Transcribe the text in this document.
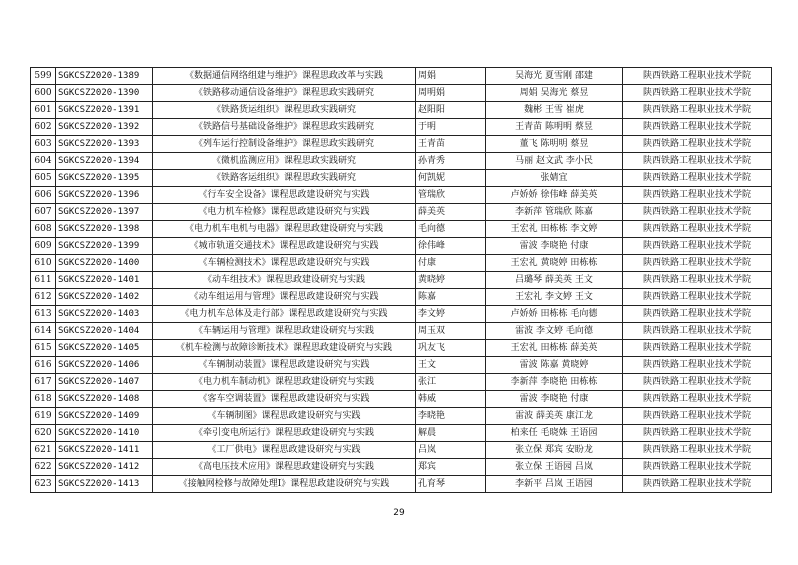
599	SGKCSZ2020-1389	《数据通信网络组建与维护》课程思政改革与实践	周娟	吴海光 夏雪刚 邵建	陕西铁路工程职业技术学院
600	SGKCSZ2020-1390	《铁路移动通信设备维护》课程思政实践研究	周明娟	周娟 吴海光 蔡昱	陕西铁路工程职业技术学院
601	SGKCSZ2020-1391	《铁路货运组织》课程思政实践研究	赵阳阳	魏彬 王雪 崔虎	陕西铁路工程职业技术学院
602	SGKCSZ2020-1392	《铁路信号基础设备维护》课程思政实践研究	于明	王青苗 陈明明 蔡昱	陕西铁路工程职业技术学院
603	SGKCSZ2020-1393	《列车运行控制设备维护》课程思政实践研究	王青苗	董飞 陈明明 蔡昱	陕西铁路工程职业技术学院
604	SGKCSZ2020-1394	《微机监测应用》课程思政实践研究	孙青秀	马丽 赵文武 李小民	陕西铁路工程职业技术学院
605	SGKCSZ2020-1395	《铁路客运组织》课程思政实践研究	何凯妮	张婧宜	陕西铁路工程职业技术学院
606	SGKCSZ2020-1396	《行车安全设备》课程思政建设研究与实践	管瑞欣	卢娇娇 徐伟峰 薛美英	陕西铁路工程职业技术学院
607	SGKCSZ2020-1397	《电力机车检修》课程思政建设研究与实践	薛美英	李新萍 管瑞欣 陈嘉	陕西铁路工程职业技术学院
608	SGKCSZ2020-1398	《电力机车电机与电器》课程思政建设研究与实践	毛向德	王宏礼 田栋栋 李文婷	陕西铁路工程职业技术学院
609	SGKCSZ2020-1399	《城市轨道交通技术》课程思政建设研究与实践	徐伟峰	雷波 李晓艳 付康	陕西铁路工程职业技术学院
610	SGKCSZ2020-1400	《车辆检测技术》课程思政建设研究与实践	付康	王宏礼 黄晓婷 田栋栋	陕西铁路工程职业技术学院
611	SGKCSZ2020-1401	《动车组技术》课程思政建设研究与实践	黄晓婷	吕璐琴 薛美英 王文	陕西铁路工程职业技术学院
612	SGKCSZ2020-1402	《动车组运用与管理》课程思政建设研究与实践	陈嘉	王宏礼 李文婷 王文	陕西铁路工程职业技术学院
613	SGKCSZ2020-1403	《电力机车总体及走行部》课程思政建设研究与实践	李文婷	卢娇娇 田栋栋 毛向德	陕西铁路工程职业技术学院
614	SGKCSZ2020-1404	《车辆运用与管理》课程思政建设研究与实践	周玉双	雷波 李文婷 毛向德	陕西铁路工程职业技术学院
615	SGKCSZ2020-1405	《机车检测与故障诊断技术》课程思政建设研究与实践	巩友飞	王宏礼 田栋栋 薛美英	陕西铁路工程职业技术学院
616	SGKCSZ2020-1406	《车辆制动装置》课程思政建设研究与实践	王文	雷波 陈嘉 黄晓婷	陕西铁路工程职业技术学院
617	SGKCSZ2020-1407	《电力机车制动机》课程思政建设研究与实践	张江	李新萍 李晓艳 田栋栋	陕西铁路工程职业技术学院
618	SGKCSZ2020-1408	《客车空调装置》课程思政建设研究与实践	韩威	雷波 李晓艳 付康	陕西铁路工程职业技术学院
619	SGKCSZ2020-1409	《车辆制图》课程思政建设研究与实践	李晓艳	雷波 薛美英 康江龙	陕西铁路工程职业技术学院
620	SGKCSZ2020-1410	《牵引变电所运行》课程思政建设研究与实践	解晨	柏来任 毛晓姝 王语园	陕西铁路工程职业技术学院
621	SGKCSZ2020-1411	《工厂供电》课程思政建设研究与实践	吕岚	张立保 郑宾 安盼龙	陕西铁路工程职业技术学院
622	SGKCSZ2020-1412	《高电压技术应用》课程思政建设研究与实践	郑宾	张立保 王语园 吕岚	陕西铁路工程职业技术学院
623	SGKCSZ2020-1413	《接触网检修与故障处理Ⅰ》课程思政建设研究与实践	孔育琴	李新平 吕岚 王语园	陕西铁路工程职业技术学院
29
